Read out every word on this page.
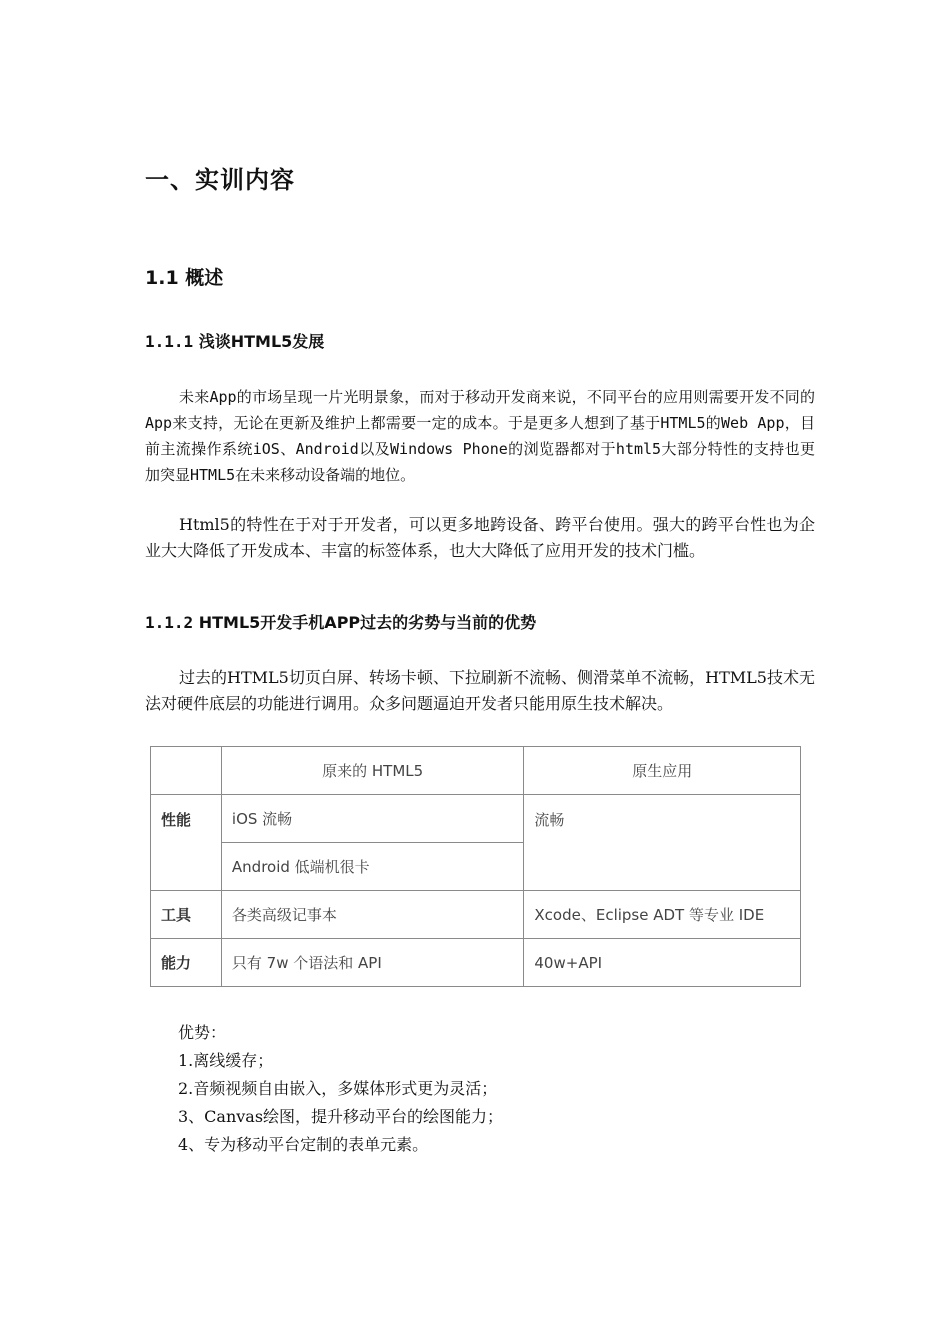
一、实训内容
1.1 概述
1.1.1 浅谈HTML5发展

未来App的市场呈现一片光明景象，而对于移动开发商来说，不同平台的应用则需要开发不同的App来支持，无论在更新及维护上都需要一定的成本。于是更多人想到了基于HTML5的Web App，目前主流操作系统iOS、Android以及Windows Phone的浏览器都对于html5大部分特性的支持也更加突显HTML5在未来移动设备端的地位。

Html5的特性在于对于开发者，可以更多地跨设备、跨平台使用。强大的跨平台性也为企业大大降低了开发成本、丰富的标签体系，也大大降低了应用开发的技术门槛。

1.1.2 HTML5开发手机APP过去的劣势与当前的优势

过去的HTML5切页白屏、转场卡顿、下拉刷新不流畅、侧滑菜单不流畅，HTML5技术无法对硬件底层的功能进行调用。众多问题逼迫开发者只能用原生技术解决。

	原来的 HTML5	原生应用
性能	iOS 流畅	流畅
	Android 低端机很卡	
工具	各类高级记事本	Xcode、Eclipse ADT 等专业 IDE
能力	只有 7w 个语法和 API	40w+API
优势：
1.离线缓存；
2.音频视频自由嵌入，多媒体形式更为灵活；
3、Canvas绘图，提升移动平台的绘图能力；
4、专为移动平台定制的表单元素。
